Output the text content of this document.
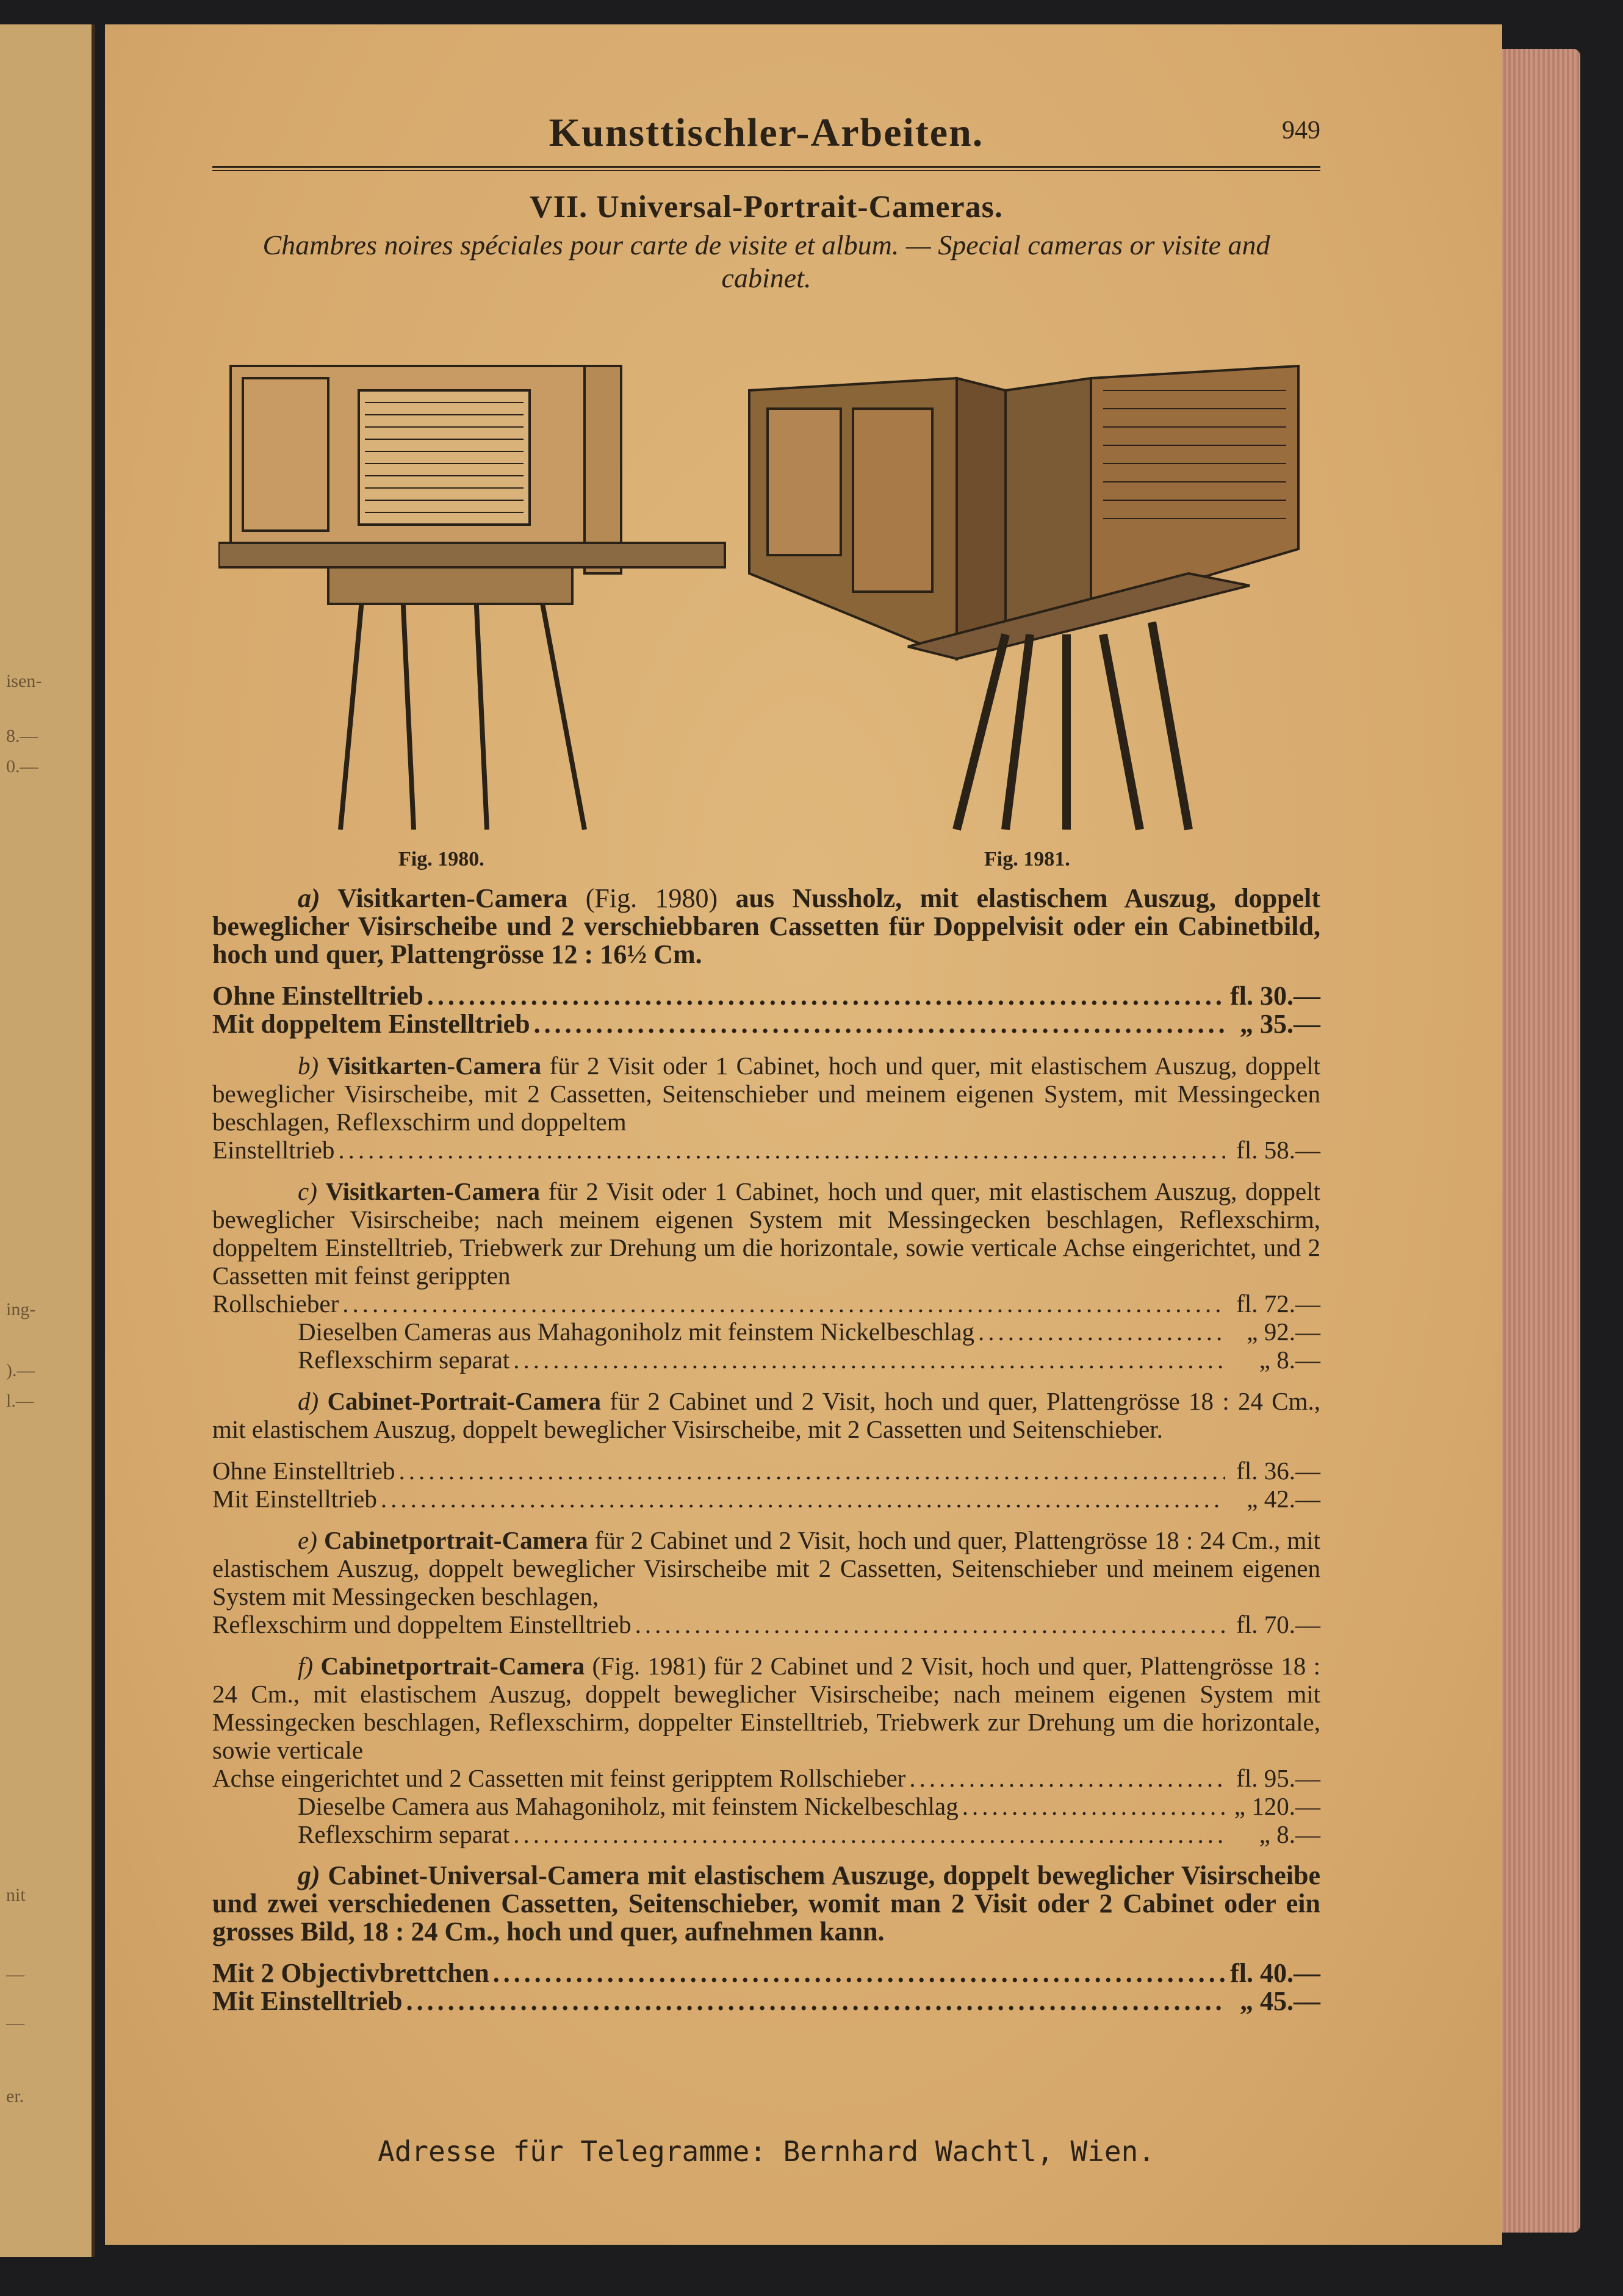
isen-
8.—
0.—
ing-
).—
l.—
nit
—
—
er.
Kunsttischler-Arbeiten.	949
VII. Universal-Portrait-Cameras.
Chambres noires spéciales pour carte de visite et album. — Special cameras or visite and cabinet.
Fig. 1980.	Fig. 1981.

a) Visitkarten-Camera (Fig. 1980) aus Nussholz, mit elastischem Auszug, doppelt beweglicher Visirscheibe und 2 verschiebbaren Cassetten für Doppelvisit oder ein Cabinetbild, hoch und quer, Plattengrösse 12 : 16½ Cm.

Ohne Einstelltrieb .....	fl. 30.—
Mit doppeltem Einstelltrieb .....	„ 35.—

b) Visitkarten-Camera für 2 Visit oder 1 Cabinet, hoch und quer, mit elastischem Auszug, doppelt beweglicher Visirscheibe, mit 2 Cassetten, Seitenschieber und meinem eigenen System, mit Messingecken beschlagen, Reflexschirm und doppeltem

Einstelltrieb .....	fl. 58.—

c) Visitkarten-Camera für 2 Visit oder 1 Cabinet, hoch und quer, mit elastischem Auszug, doppelt beweglicher Visirscheibe; nach meinem eigenen System mit Messingecken beschlagen, Reflexschirm, doppeltem Einstelltrieb, Triebwerk zur Drehung um die horizontale, sowie verticale Achse eingerichtet, und 2 Cassetten mit feinst gerippten

Rollschieber .....	fl. 72.—
Dieselben Cameras aus Mahagoniholz mit feinstem Nickelbeschlag .....	„ 92.—
Reflexschirm separat .....	„ 8.—

d) Cabinet-Portrait-Camera für 2 Cabinet und 2 Visit, hoch und quer, Plattengrösse 18 : 24 Cm., mit elastischem Auszug, doppelt beweglicher Visirscheibe, mit 2 Cassetten und Seitenschieber.

Ohne Einstelltrieb .....	fl. 36.—
Mit Einstelltrieb .....	„ 42.—

e) Cabinetportrait-Camera für 2 Cabinet und 2 Visit, hoch und quer, Plattengrösse 18 : 24 Cm., mit elastischem Auszug, doppelt beweglicher Visirscheibe mit 2 Cassetten, Seitenschieber und meinem eigenen System mit Messingecken beschlagen,

Reflexschirm und doppeltem Einstelltrieb .....	fl. 70.—

f) Cabinetportrait-Camera (Fig. 1981) für 2 Cabinet und 2 Visit, hoch und quer, Plattengrösse 18 : 24 Cm., mit elastischem Auszug, doppelt beweglicher Visirscheibe; nach meinem eigenen System mit Messingecken beschlagen, Reflexschirm, doppelter Einstelltrieb, Triebwerk zur Drehung um die horizontale, sowie verticale

Achse eingerichtet und 2 Cassetten mit feinst geripptem Rollschieber .....	fl. 95.—
Dieselbe Camera aus Mahagoniholz, mit feinstem Nickelbeschlag .....	„ 120.—
Reflexschirm separat .....	„ 8.—

g) Cabinet-Universal-Camera mit elastischem Auszuge, doppelt beweglicher Visirscheibe und zwei verschiedenen Cassetten, Seitenschieber, womit man 2 Visit oder 2 Cabinet oder ein grosses Bild, 18 : 24 Cm., hoch und quer, aufnehmen kann.

Mit 2 Objectivbrettchen .....	fl. 40.—
Mit Einstelltrieb .....	„ 45.—
Adresse für Telegramme: Bernhard Wachtl, Wien.
